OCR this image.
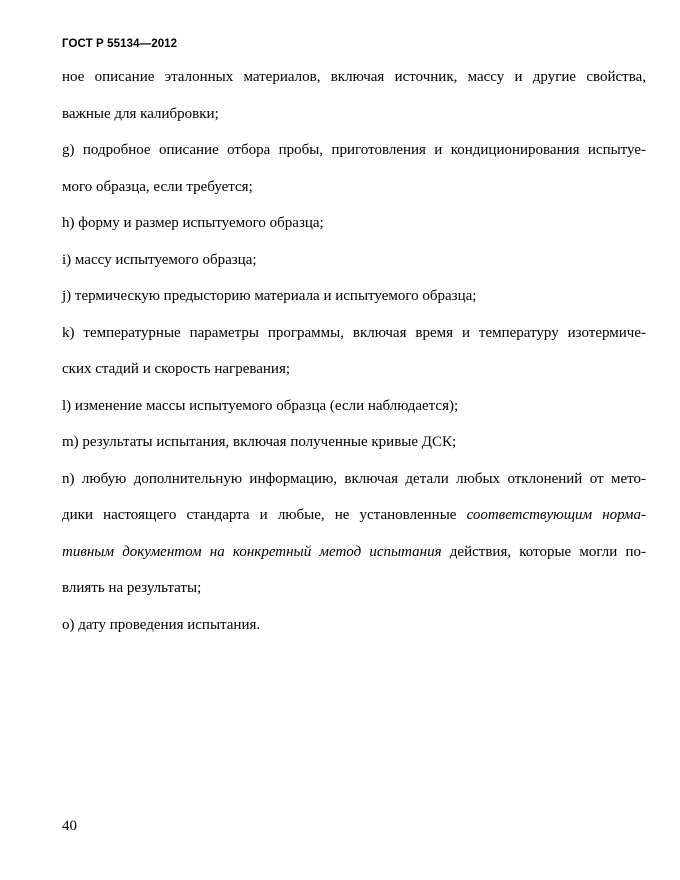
ГОСТ Р 55134—2012
ное описание эталонных материалов, включая источник, массу и другие свойства,
важные для калибровки;
g) подробное описание отбора пробы, приготовления и кондиционирования испытуе-
мого образца, если требуется;
h) форму и размер испытуемого образца;
i) массу испытуемого образца;
j) термическую предысторию материала и испытуемого образца;
k) температурные параметры программы, включая время и температуру изотермиче-
ских стадий и скорость нагревания;
l) изменение массы испытуемого образца (если наблюдается);
m) результаты испытания, включая полученные кривые ДСК;
n) любую дополнительную информацию, включая детали любых отклонений от мето-
дики настоящего стандарта и любые, не установленные соответствующим норма-
тивным документом на конкретный метод испытания действия, которые могли по-
влиять на результаты;
о) дату проведения испытания.
40
